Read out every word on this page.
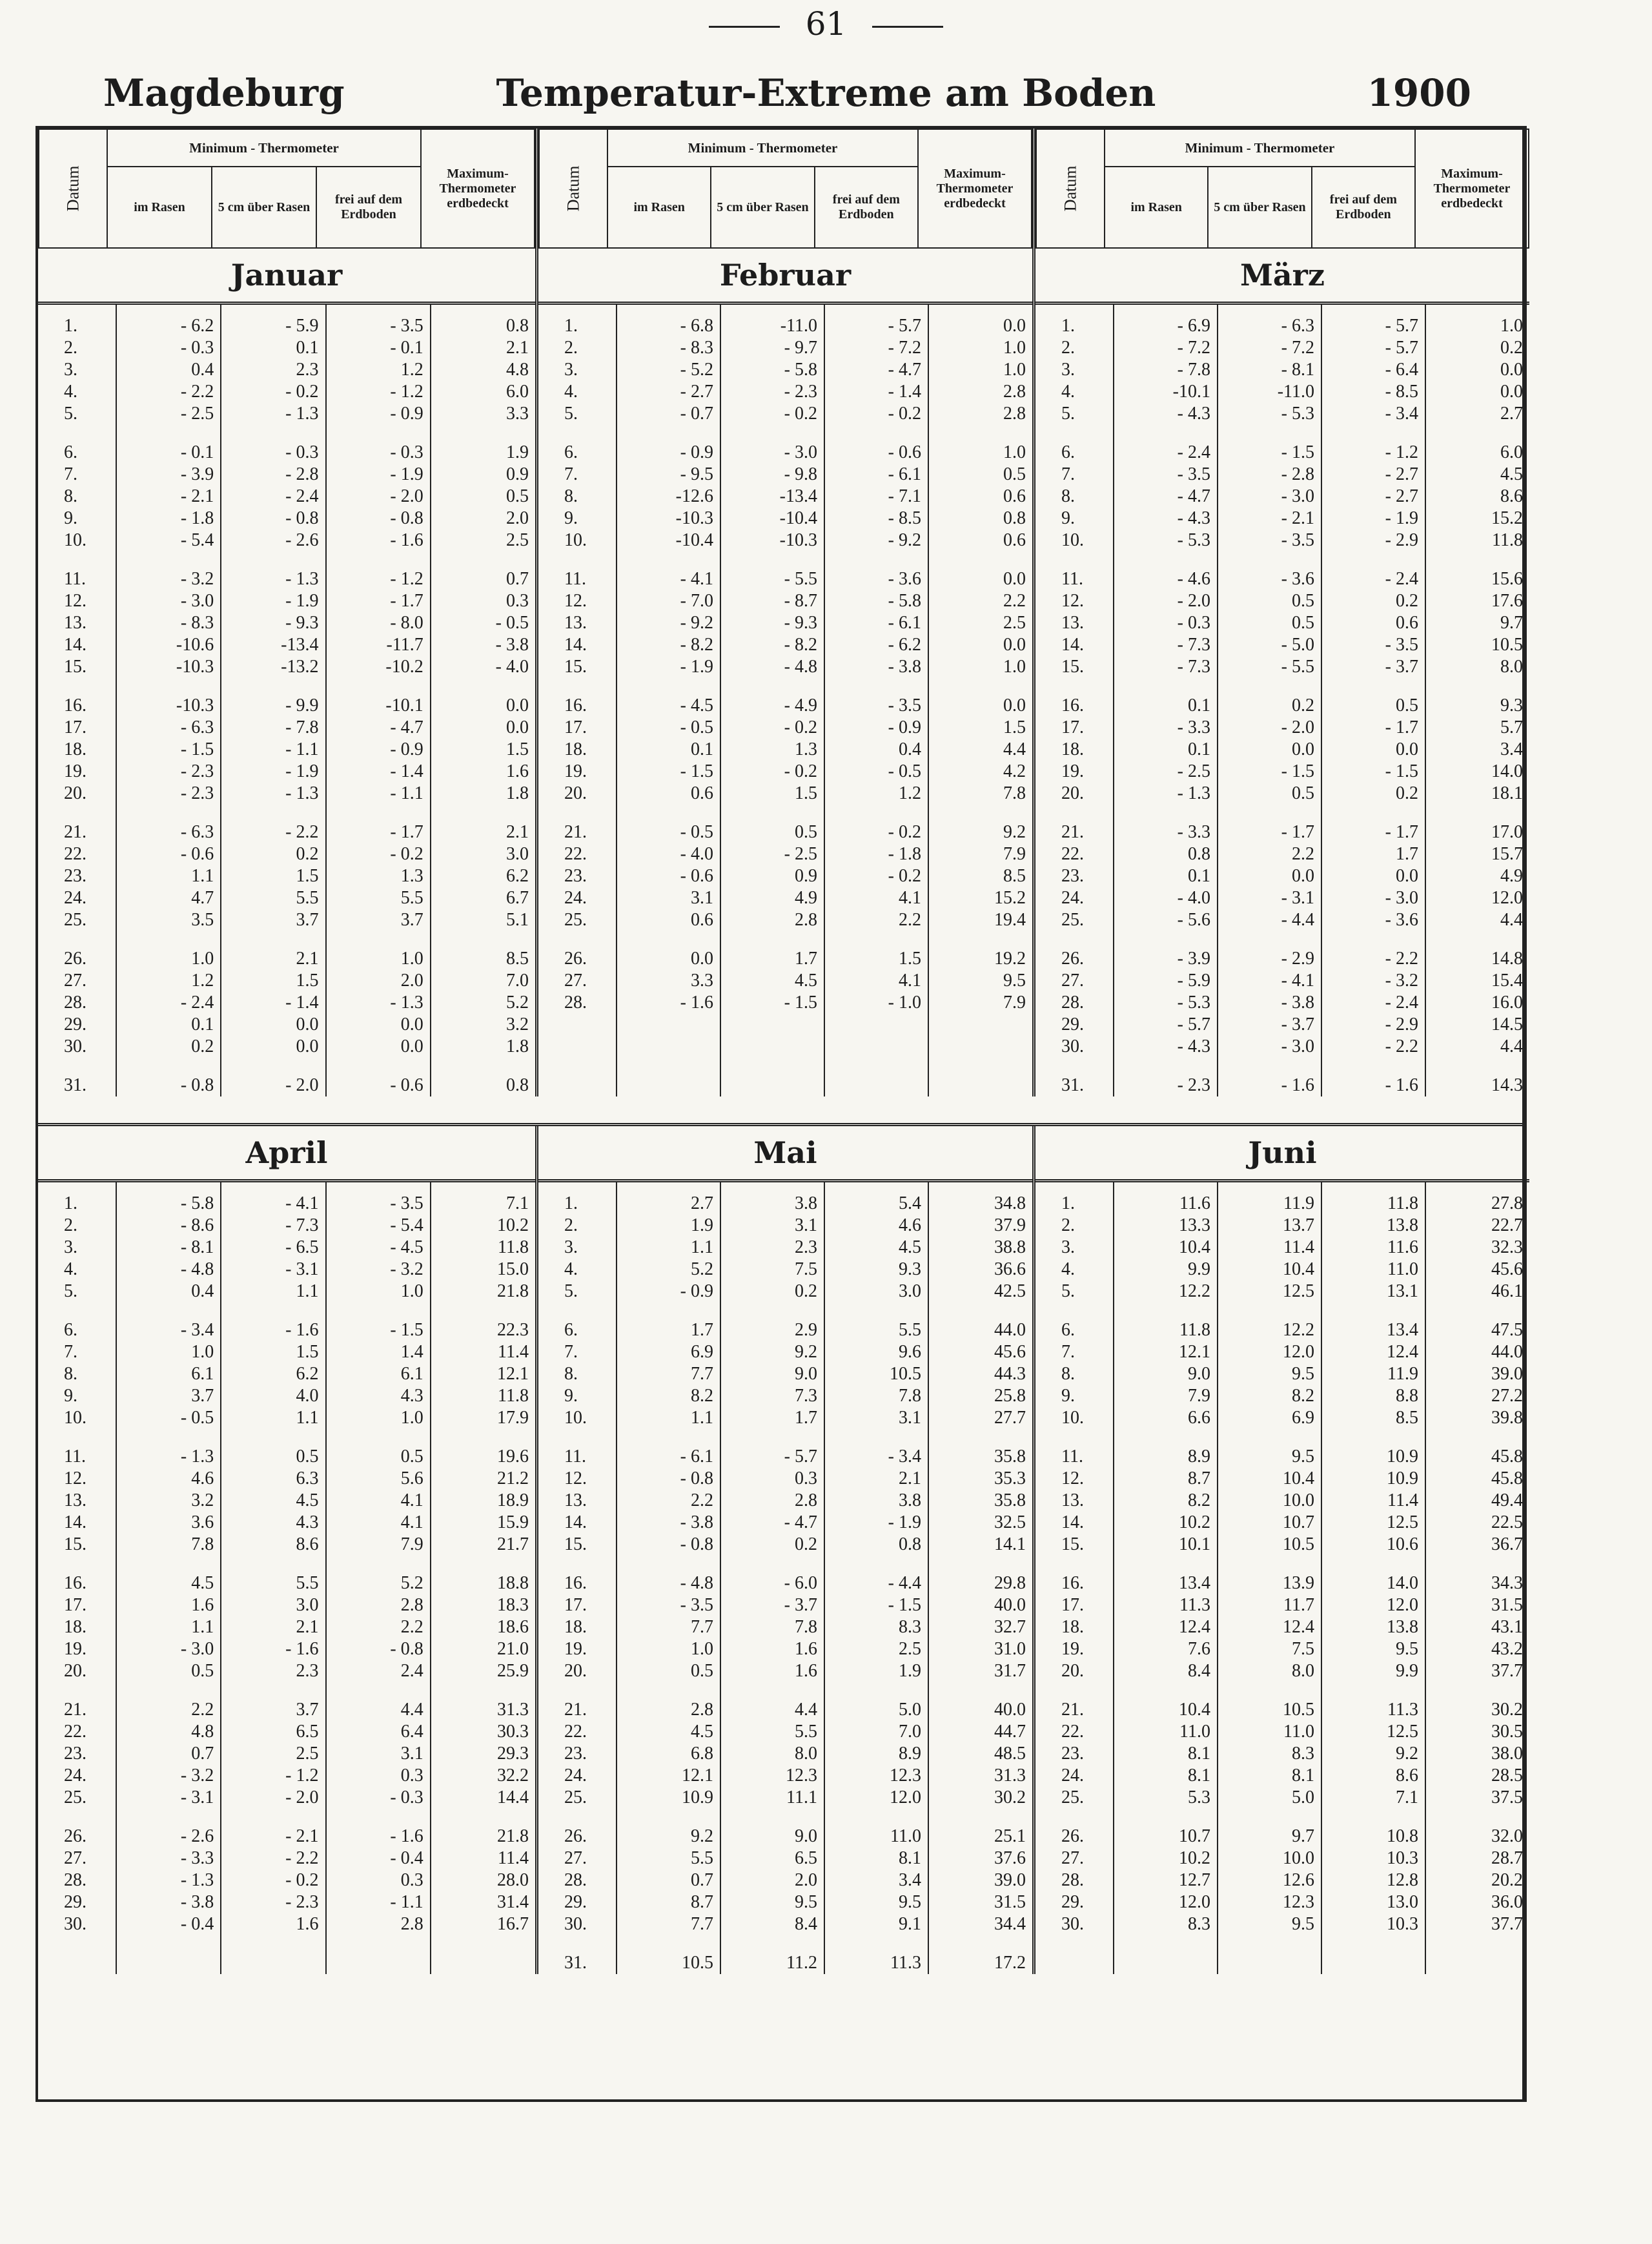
61
Magdeburg	Temperatur-Extreme am Boden	1900
Datum	Minimum - Thermometer			Maximum-Thermometer erdbedeckt
	im Rasen	5 cm über Rasen	frei auf dem Erdboden	
Januar
1.	- 6.2	- 5.9	- 3.5	0.8
2.	- 0.3	0.1	- 0.1	2.1
3.	0.4	2.3	1.2	4.8
4.	- 2.2	- 0.2	- 1.2	6.0
5.	- 2.5	- 1.3	- 0.9	3.3
6.	- 0.1	- 0.3	- 0.3	1.9
7.	- 3.9	- 2.8	- 1.9	0.9
8.	- 2.1	- 2.4	- 2.0	0.5
9.	- 1.8	- 0.8	- 0.8	2.0
10.	- 5.4	- 2.6	- 1.6	2.5
11.	- 3.2	- 1.3	- 1.2	0.7
12.	- 3.0	- 1.9	- 1.7	0.3
13.	- 8.3	- 9.3	- 8.0	- 0.5
14.	-10.6	-13.4	-11.7	- 3.8
15.	-10.3	-13.2	-10.2	- 4.0
16.	-10.3	- 9.9	-10.1	0.0
17.	- 6.3	- 7.8	- 4.7	0.0
18.	- 1.5	- 1.1	- 0.9	1.5
19.	- 2.3	- 1.9	- 1.4	1.6
20.	- 2.3	- 1.3	- 1.1	1.8
21.	- 6.3	- 2.2	- 1.7	2.1
22.	- 0.6	0.2	- 0.2	3.0
23.	1.1	1.5	1.3	6.2
24.	4.7	5.5	5.5	6.7
25.	3.5	3.7	3.7	5.1
26.	1.0	2.1	1.0	8.5
27.	1.2	1.5	2.0	7.0
28.	- 2.4	- 1.4	- 1.3	5.2
29.	0.1	0.0	0.0	3.2
30.	0.2	0.0	0.0	1.8
31.	- 0.8	- 2.0	- 0.6	0.8
Datum	Minimum - Thermometer			Maximum-Thermometer erdbedeckt
	im Rasen	5 cm über Rasen	frei auf dem Erdboden	
Februar
1.	- 6.8	-11.0	- 5.7	0.0
2.	- 8.3	- 9.7	- 7.2	1.0
3.	- 5.2	- 5.8	- 4.7	1.0
4.	- 2.7	- 2.3	- 1.4	2.8
5.	- 0.7	- 0.2	- 0.2	2.8
6.	- 0.9	- 3.0	- 0.6	1.0
7.	- 9.5	- 9.8	- 6.1	0.5
8.	-12.6	-13.4	- 7.1	0.6
9.	-10.3	-10.4	- 8.5	0.8
10.	-10.4	-10.3	- 9.2	0.6
11.	- 4.1	- 5.5	- 3.6	0.0
12.	- 7.0	- 8.7	- 5.8	2.2
13.	- 9.2	- 9.3	- 6.1	2.5
14.	- 8.2	- 8.2	- 6.2	0.0
15.	- 1.9	- 4.8	- 3.8	1.0
16.	- 4.5	- 4.9	- 3.5	0.0
17.	- 0.5	- 0.2	- 0.9	1.5
18.	0.1	1.3	0.4	4.4
19.	- 1.5	- 0.2	- 0.5	4.2
20.	0.6	1.5	1.2	7.8
21.	- 0.5	0.5	- 0.2	9.2
22.	- 4.0	- 2.5	- 1.8	7.9
23.	- 0.6	0.9	- 0.2	8.5
24.	3.1	4.9	4.1	15.2
25.	0.6	2.8	2.2	19.4
26.	0.0	1.7	1.5	19.2
27.	3.3	4.5	4.1	9.5
28.	- 1.6	- 1.5	- 1.0	7.9

Datum	Minimum - Thermometer			Maximum-Thermometer erdbedeckt
	im Rasen	5 cm über Rasen	frei auf dem Erdboden	
März
1.	- 6.9	- 6.3	- 5.7	1.0
2.	- 7.2	- 7.2	- 5.7	0.2
3.	- 7.8	- 8.1	- 6.4	0.0
4.	-10.1	-11.0	- 8.5	0.0
5.	- 4.3	- 5.3	- 3.4	2.7
6.	- 2.4	- 1.5	- 1.2	6.0
7.	- 3.5	- 2.8	- 2.7	4.5
8.	- 4.7	- 3.0	- 2.7	8.6
9.	- 4.3	- 2.1	- 1.9	15.2
10.	- 5.3	- 3.5	- 2.9	11.8
11.	- 4.6	- 3.6	- 2.4	15.6
12.	- 2.0	0.5	0.2	17.6
13.	- 0.3	0.5	0.6	9.7
14.	- 7.3	- 5.0	- 3.5	10.5
15.	- 7.3	- 5.5	- 3.7	8.0
16.	0.1	0.2	0.5	9.3
17.	- 3.3	- 2.0	- 1.7	5.7
18.	0.1	0.0	0.0	3.4
19.	- 2.5	- 1.5	- 1.5	14.0
20.	- 1.3	0.5	0.2	18.1
21.	- 3.3	- 1.7	- 1.7	17.0
22.	0.8	2.2	1.7	15.7
23.	0.1	0.0	0.0	4.9
24.	- 4.0	- 3.1	- 3.0	12.0
25.	- 5.6	- 4.4	- 3.6	4.4
26.	- 3.9	- 2.9	- 2.2	14.8
27.	- 5.9	- 4.1	- 3.2	15.4
28.	- 5.3	- 3.8	- 2.4	16.0
29.	- 5.7	- 3.7	- 2.9	14.5
30.	- 4.3	- 3.0	- 2.2	4.4
31.	- 2.3	- 1.6	- 1.6	14.3
April
1.	- 5.8	- 4.1	- 3.5	7.1
2.	- 8.6	- 7.3	- 5.4	10.2
3.	- 8.1	- 6.5	- 4.5	11.8
4.	- 4.8	- 3.1	- 3.2	15.0
5.	0.4	1.1	1.0	21.8
6.	- 3.4	- 1.6	- 1.5	22.3
7.	1.0	1.5	1.4	11.4
8.	6.1	6.2	6.1	12.1
9.	3.7	4.0	4.3	11.8
10.	- 0.5	1.1	1.0	17.9
11.	- 1.3	0.5	0.5	19.6
12.	4.6	6.3	5.6	21.2
13.	3.2	4.5	4.1	18.9
14.	3.6	4.3	4.1	15.9
15.	7.8	8.6	7.9	21.7
16.	4.5	5.5	5.2	18.8
17.	1.6	3.0	2.8	18.3
18.	1.1	2.1	2.2	18.6
19.	- 3.0	- 1.6	- 0.8	21.0
20.	0.5	2.3	2.4	25.9
21.	2.2	3.7	4.4	31.3
22.	4.8	6.5	6.4	30.3
23.	0.7	2.5	3.1	29.3
24.	- 3.2	- 1.2	0.3	32.2
25.	- 3.1	- 2.0	- 0.3	14.4
26.	- 2.6	- 2.1	- 1.6	21.8
27.	- 3.3	- 2.2	- 0.4	11.4
28.	- 1.3	- 0.2	0.3	28.0
29.	- 3.8	- 2.3	- 1.1	31.4
30.	- 0.4	1.6	2.8	16.7

Mai
1.	2.7	3.8	5.4	34.8
2.	1.9	3.1	4.6	37.9
3.	1.1	2.3	4.5	38.8
4.	5.2	7.5	9.3	36.6
5.	- 0.9	0.2	3.0	42.5
6.	1.7	2.9	5.5	44.0
7.	6.9	9.2	9.6	45.6
8.	7.7	9.0	10.5	44.3
9.	8.2	7.3	7.8	25.8
10.	1.1	1.7	3.1	27.7
11.	- 6.1	- 5.7	- 3.4	35.8
12.	- 0.8	0.3	2.1	35.3
13.	2.2	2.8	3.8	35.8
14.	- 3.8	- 4.7	- 1.9	32.5
15.	- 0.8	0.2	0.8	14.1
16.	- 4.8	- 6.0	- 4.4	29.8
17.	- 3.5	- 3.7	- 1.5	40.0
18.	7.7	7.8	8.3	32.7
19.	1.0	1.6	2.5	31.0
20.	0.5	1.6	1.9	31.7
21.	2.8	4.4	5.0	40.0
22.	4.5	5.5	7.0	44.7
23.	6.8	8.0	8.9	48.5
24.	12.1	12.3	12.3	31.3
25.	10.9	11.1	12.0	30.2
26.	9.2	9.0	11.0	25.1
27.	5.5	6.5	8.1	37.6
28.	0.7	2.0	3.4	39.0
29.	8.7	9.5	9.5	31.5
30.	7.7	8.4	9.1	34.4
31.	10.5	11.2	11.3	17.2
Juni
1.	11.6	11.9	11.8	27.8
2.	13.3	13.7	13.8	22.7
3.	10.4	11.4	11.6	32.3
4.	9.9	10.4	11.0	45.6
5.	12.2	12.5	13.1	46.1
6.	11.8	12.2	13.4	47.5
7.	12.1	12.0	12.4	44.0
8.	9.0	9.5	11.9	39.0
9.	7.9	8.2	8.8	27.2
10.	6.6	6.9	8.5	39.8
11.	8.9	9.5	10.9	45.8
12.	8.7	10.4	10.9	45.8
13.	8.2	10.0	11.4	49.4
14.	10.2	10.7	12.5	22.5
15.	10.1	10.5	10.6	36.7
16.	13.4	13.9	14.0	34.3
17.	11.3	11.7	12.0	31.5
18.	12.4	12.4	13.8	43.1
19.	7.6	7.5	9.5	43.2
20.	8.4	8.0	9.9	37.7
21.	10.4	10.5	11.3	30.2
22.	11.0	11.0	12.5	30.5
23.	8.1	8.3	9.2	38.0
24.	8.1	8.1	8.6	28.5
25.	5.3	5.0	7.1	37.5
26.	10.7	9.7	10.8	32.0
27.	10.2	10.0	10.3	28.7
28.	12.7	12.6	12.8	20.2
29.	12.0	12.3	13.0	36.0
30.	8.3	9.5	10.3	37.7
